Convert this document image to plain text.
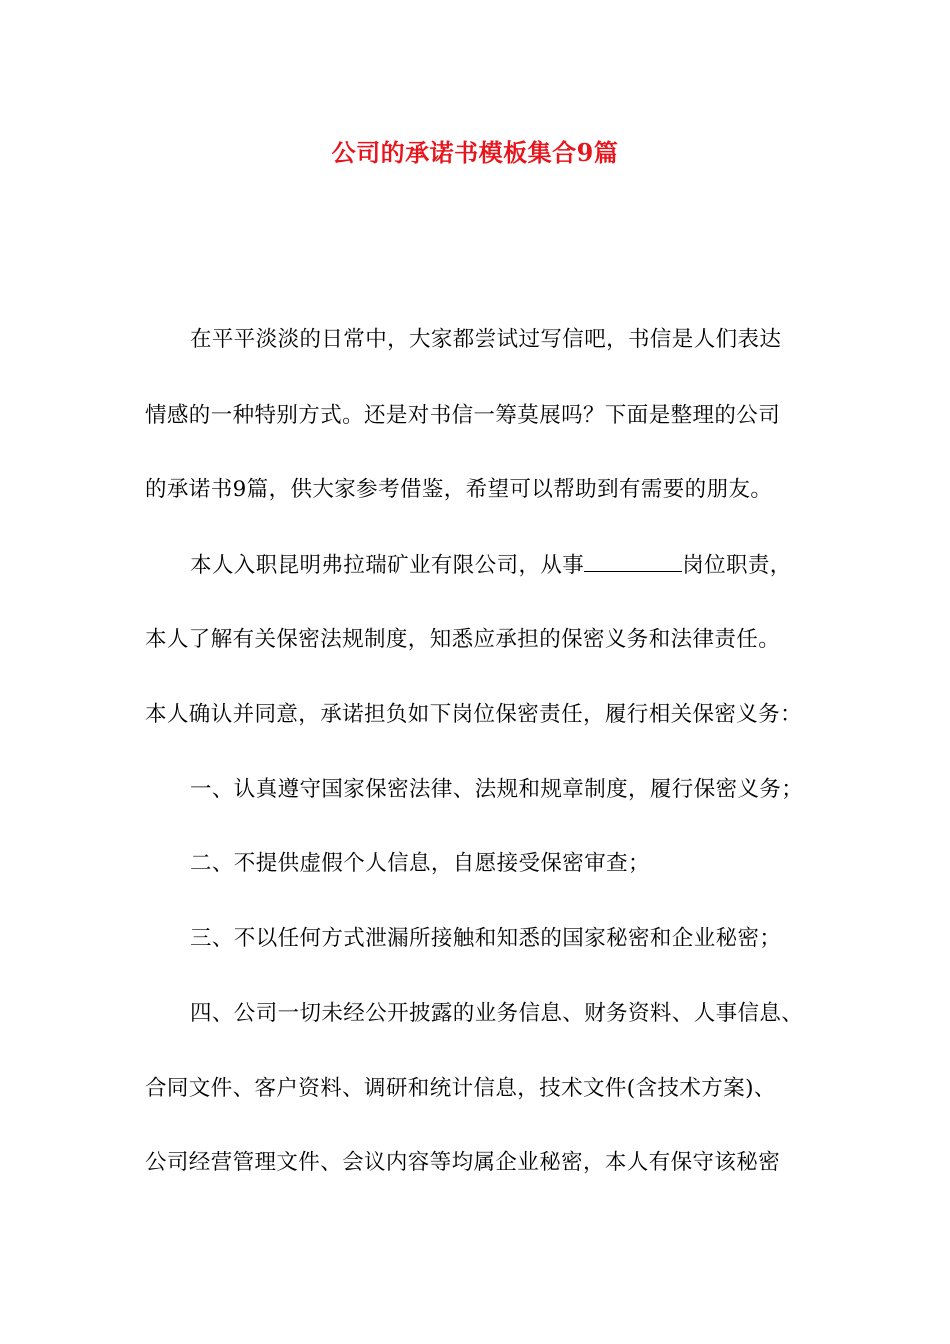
公司的承诺书模板集合9篇
在平平淡淡的日常中，大家都尝试过写信吧，书信是人们表达
情感的一种特别方式。还是对书信一筹莫展吗？下面是整理的公司
的承诺书9篇，供大家参考借鉴，希望可以帮助到有需要的朋友。
本人入职昆明弗拉瑞矿业有限公司，从事	岗位职责，
本人了解有关保密法规制度，知悉应承担的保密义务和法律责任。
本人确认并同意，承诺担负如下岗位保密责任，履行相关保密义务：
一、认真遵守国家保密法律、法规和规章制度，履行保密义务；
二、不提供虚假个人信息，自愿接受保密审查；
三、不以任何方式泄漏所接触和知悉的国家秘密和企业秘密；
四、公司一切未经公开披露的业务信息、财务资料、人事信息、
合同文件、客户资料、调研和统计信息，技术文件(含技术方案)、
公司经营管理文件、会议内容等均属企业秘密，本人有保守该秘密
